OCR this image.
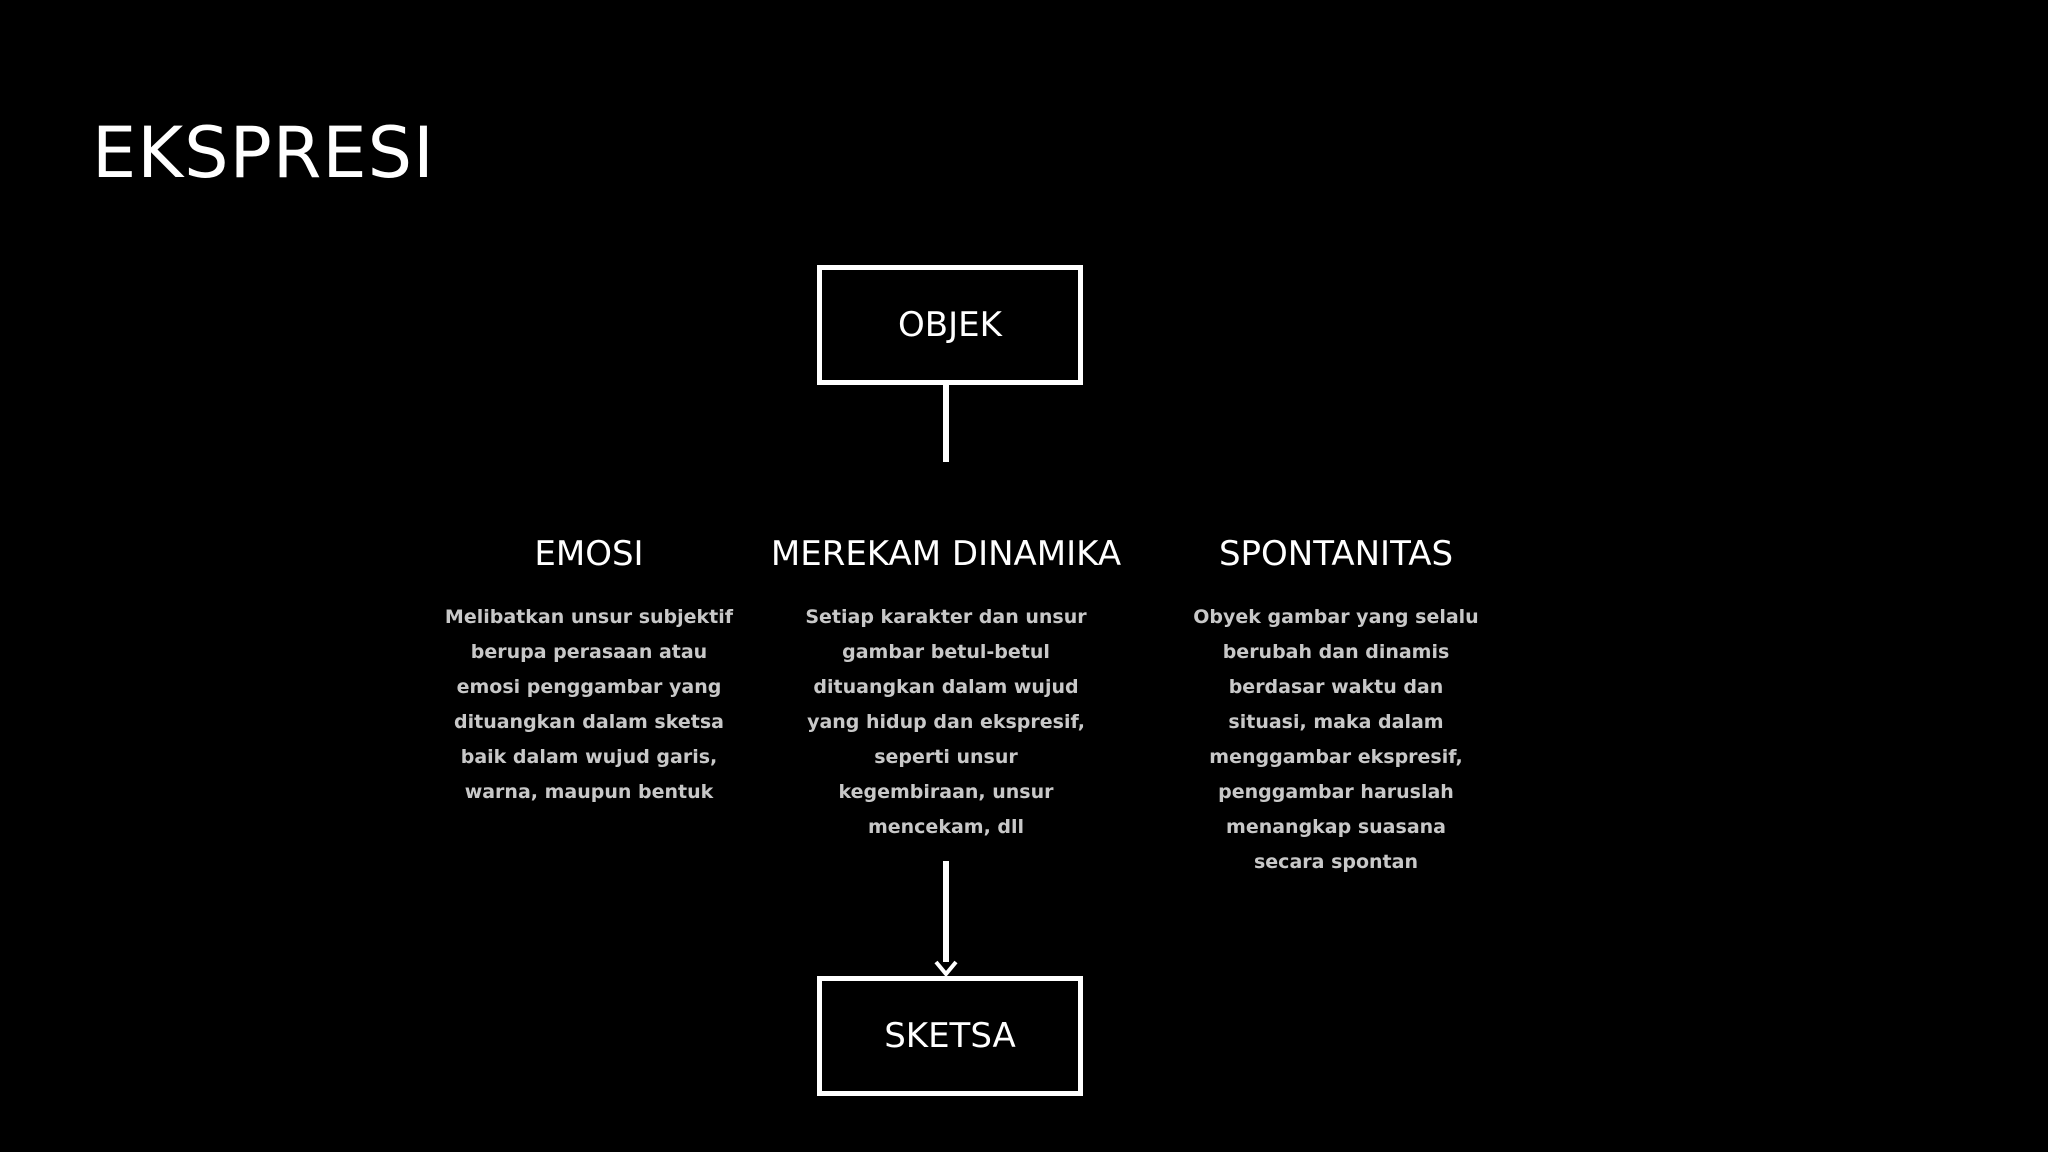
EKSPRESI
OBJEK
EMOSI
Melibatkan unsur subjektif berupa perasaan atau emosi penggambar yang dituangkan dalam sketsa baik dalam wujud garis, warna, maupun bentuk
MEREKAM DINAMIKA
Setiap karakter dan unsur gambar betul-betul dituangkan dalam wujud yang hidup dan ekspresif, seperti unsur kegembiraan, unsur mencekam, dll
SPONTANITAS
Obyek gambar yang selalu berubah dan dinamis berdasar waktu dan situasi, maka dalam menggambar ekspresif, penggambar haruslah menangkap suasana secara spontan
SKETSA
